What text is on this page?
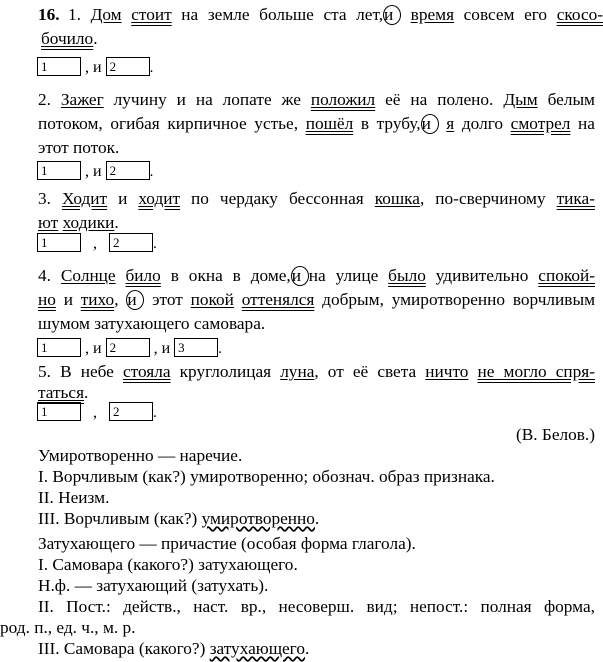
16. 1. Дом стоит на земле больше ста лет,и время совсем его скосо-
бочило.
1 , и 2 .
2. Зажег лучину и на лопате же положил её на полено. Дым белым
потоком, огибая кирпичное устье, пошёл в трубу,и я долго смотрел на
этот поток.
1 , и 2 .
3. Ходит и ходит по чердаку бессонная кошка, по-сверчиному тика-
ют ходики.
1	, 2 .
4. Солнце било в окна в доме,и на улице было удивительно спокой-
но и тихо, и этот покой оттенялся добрым, умиротворенно ворчливым
шумом затухающего самовара.
1 , и 2 , и 3 .
5. В небе стояла круглолицая луна, от её света ничто не могло спря-
таться.
1	, 2 .
(В. Белов.)
Умиротворенно — наречие.
I. Ворчливым (как?) умиротворенно; обознач. образ признака.
II. Неизм.
III. Ворчливым (как?) умиротворенно.
Затухающего — причастие (особая форма глагола).
I. Самовара (какого?) затухающего.
Н.ф. — затухающий (затухать).
II. Пост.: действ., наст. вр., несоверш. вид; непост.: полная форма,
род. п., ед. ч., м. р.
III. Самовара (какого?) затухающего.
